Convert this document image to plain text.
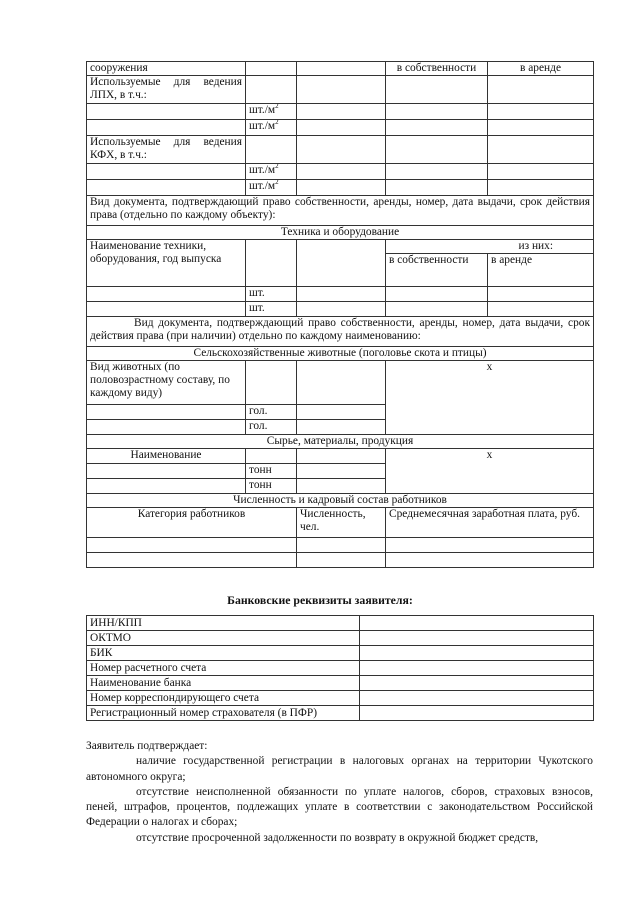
сооружения			в собственности	в аренде
Используемые для ведения ЛПХ, в т.ч.:				
	$шт./м^2$			
	$шт./м^2$			
Используемые для ведения КФХ, в т.ч.:				
	$шт./м^2$			
	$шт./м^2$			
Вид документа, подтверждающий право собственности, аренды, номер, дата выдачи, срок действия права (отдельно по каждому объекту):				
Техника и оборудование				
Наименование техники, оборудования, год выпуска			из них:	
			в собственности	в аренде
	шт.			
	шт.			
Вид документа, подтверждающий право собственности, аренды, номер, дата выдачи, срок действия права (при наличии) отдельно по каждому наименованию:				
Сельскохозяйственные животные (поголовье скота и птицы)				
Вид животных (по половозрастному составу, по каждому виду)			х	
	гол.			
	гол.			
Сырье, материалы, продукция				
Наименование			х	
	тонн			
	тонн			
Численность и кадровый состав работников				
Категория работников		Численность, чел.	Среднемесячная заработная плата, руб.	

Банковские реквизиты заявителя:
ИНН/КПП	
ОКТМО	
БИК	
Номер расчетного счета	
Наименование банка	
Номер корреспондирующего счета	
Регистрационный номер страхователя (в ПФР)	

Заявитель подтверждает:

наличие государственной регистрации в налоговых органах на территории Чукотского автономного округа;

отсутствие неисполненной обязанности по уплате налогов, сборов, страховых взносов, пеней, штрафов, процентов, подлежащих уплате в соответствии с законодательством Российской Федерации о налогах и сборах;

отсутствие просроченной задолженности по возврату в окружной бюджет средств,
